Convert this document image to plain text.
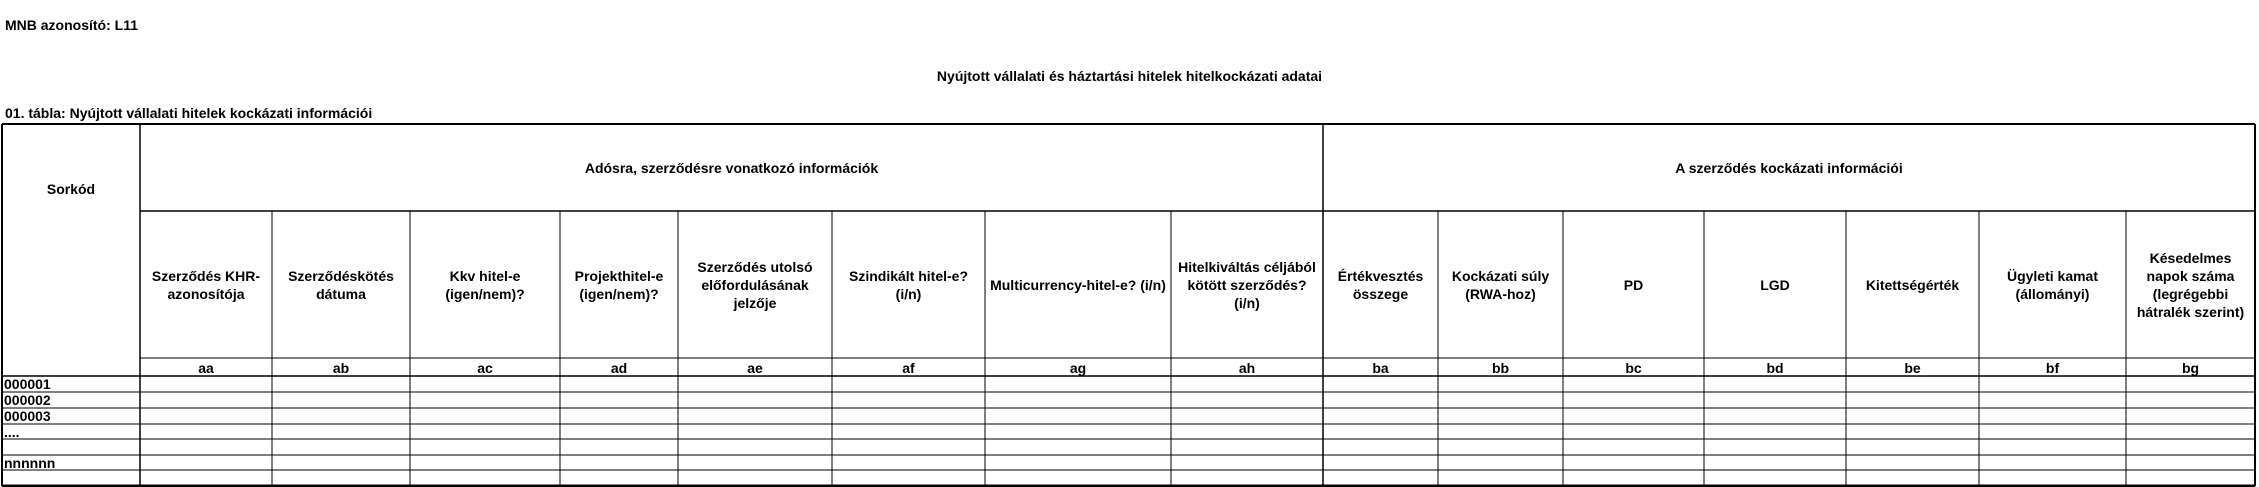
MNB azonosító: L11
Nyújtott vállalati és háztartási hitelek hitelkockázati adatai
01. tábla: Nyújtott vállalati hitelek kockázati információi
Sorkód
Adósra, szerződésre vonatkozó információk	A szerződés kockázati információi
Szerződés KHR-azonosítója
aa
Szerződéskötés dátuma
ab
Kkv hitel-e (igen/nem)?
ac
Projekthitel-e (igen/nem)?
ad
Szerződés utolsó előfordulásának jelzője
ae
Szindikált hitel-e? (i/n)
af
Multicurrency-hitel-e? (i/n)
ag
Hitelkiváltás céljából kötött szerződés? (i/n)
ah
Értékvesztés összege
ba
Kockázati súly (RWA-hoz)
bb
PD
bc
LGD
bd
Kitettségérték
be
Ügyleti kamat (állományi)
bf
Késedelmes napok száma (legrégebbi hátralék szerint)
bg
000001
000002
000003
....
nnnnnn
